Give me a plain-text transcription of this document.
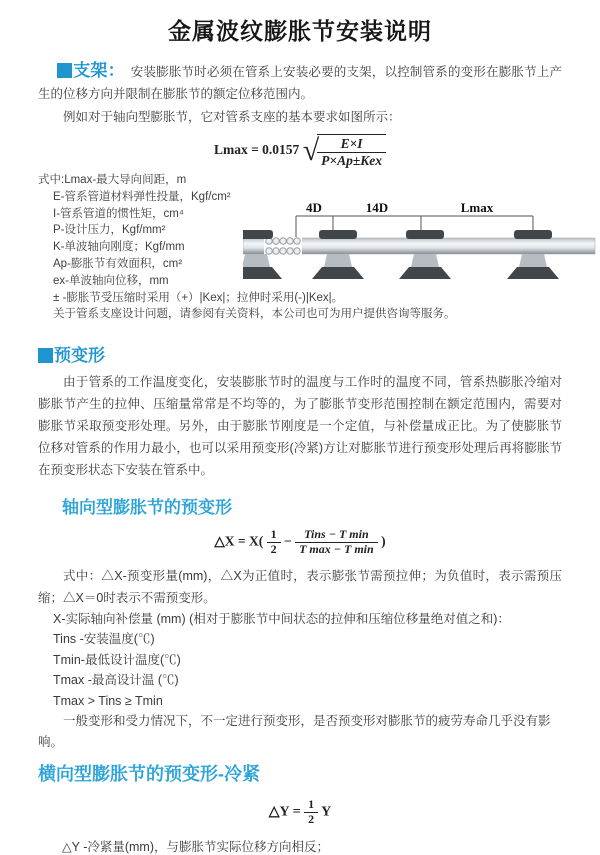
金属波纹膨胀节安装说明

支架： 安装膨胀节时必须在管系上安装必要的支架，以控制管系的变形在膨胀节上产生的位移方向并限制在膨胀节的额定位移范围内。

例如对于轴向型膨胀节，它对管系支座的基本要求如图所示：

Lmax = 0.0157 √
$\frac{E\times I}{\text{P×Ap±Kex}}$
式中:Lmax-最大导向间距，m
E-管系管道材料弹性投量，Kgf/cm²
I-管系管道的惯性矩，cm⁴
P-设计压力，Kgf/mm²
K-单波轴向刚度；Kgf/mm
Ap-膨胀节有效面积，cm²
ex-单波轴向位移，mm
± -膨胀节受压缩时采用（+）|Kex|；拉伸时采用(-)|Kex|。
关于管系支座设计问题，请参阅有关资料，本公司也可为用户提供咨询等服务。
4D	14D	Lmax
预变形

由于管系的工作温度变化，安装膨胀节时的温度与工作时的温度不同，管系热膨胀冷缩对膨胀节产生的拉伸、压缩量常常是不均等的，为了膨胀节变形范围控制在额定范围内，需要对膨胀节采取预变形处理。另外，由于膨胀节刚度是一个定值，与补偿量成正比。为了使膨胀节位移对管系的作用力最小，也可以采用预变形(冷紧)方让对膨胀节进行预变形处理后再将膨胀节在预变形状态下安装在管系中。

轴向型膨胀节的预变形
△X = $X( \frac{1}{2} - \frac{\text{Tins − T min}}{\text{T max − T min}}$ )

式中：△X-预变形量(mm)，△X为正值时，表示膨张节需预拉伸；为负值时，表示需预压缩；△X＝0时表示不需预变形。

X-实际轴向补偿量 (mm) (相对于膨胀节中间状态的拉伸和压缩位移量绝对值之和)：
Tins -安装温度(℃)
Tmin-最低设计温度(℃)
Tmax -最高设计温 (℃)
Tmax > Tins ≥ Tmin
一般变形和受力情况下，不一定进行预变形，是否预变形对膨胀节的疲劳寿命几乎没有影响。
横向型膨胀节的预变形-冷紧
△Y = $\frac{1}{2}$ Y
△Y -冷紧量(mm)，与膨胀节实际位移方向相反；
